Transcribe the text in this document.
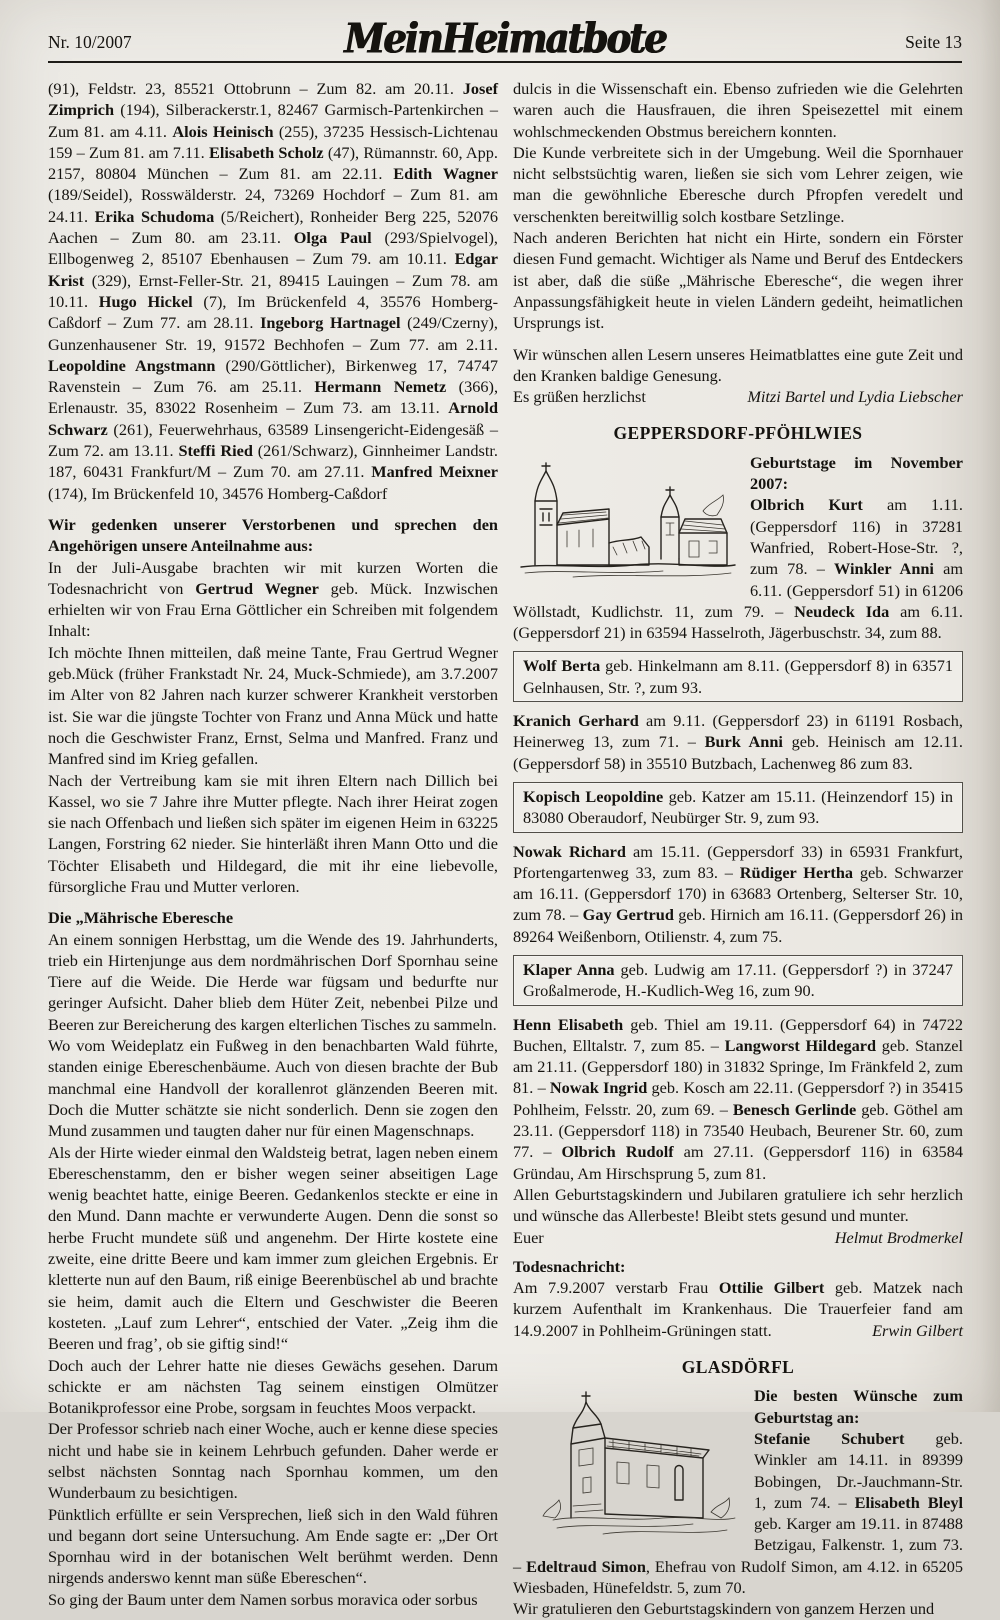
Nr. 10/2007	MeinHeimatbote	Seite 13

(91), Feldstr. 23, 85521 Ottobrunn – Zum 82. am 20.11. Josef Zimprich (194), Silberackerstr.1, 82467 Garmisch-Partenkirchen – Zum 81. am 4.11. Alois Heinisch (255), 37235 Hessisch-Lichtenau 159 – Zum 81. am 7.11. Elisabeth Scholz (47), Rümannstr. 60, App. 2157, 80804 München – Zum 81. am 22.11. Edith Wagner (189/Seidel), Rosswälderstr. 24, 73269 Hochdorf – Zum 81. am 24.11. Erika Schudoma (5/Reichert), Ronheider Berg 225, 52076 Aachen – Zum 80. am 23.11. Olga Paul (293/Spielvogel), Ellbogenweg 2, 85107 Ebenhausen – Zum 79. am 10.11. Edgar Krist (329), Ernst-Feller-Str. 21, 89415 Lauingen – Zum 78. am 10.11. Hugo Hickel (7), Im Brückenfeld 4, 35576 Homberg-Caßdorf – Zum 77. am 28.11. Ingeborg Hartnagel (249/Czerny), Gunzenhausener Str. 19, 91572 Bechhofen – Zum 77. am 2.11. Leopoldine Angstmann (290/Göttlicher), Birkenweg 17, 74747 Ravenstein – Zum 76. am 25.11. Hermann Nemetz (366), Erlenaustr. 35, 83022 Rosenheim – Zum 73. am 13.11. Arnold Schwarz (261), Feuerwehrhaus, 63589 Linsengericht-Eidengesäß – Zum 72. am 13.11. Steffi Ried (261/Schwarz), Ginnheimer Landstr. 187, 60431 Frankfurt/M – Zum 70. am 27.11. Manfred Meixner (174), Im Brückenfeld 10, 34576 Homberg-Caßdorf

Wir gedenken unserer Verstorbenen und sprechen den Angehörigen unsere Anteilnahme aus:

In der Juli-Ausgabe brachten wir mit kurzen Worten die Todesnachricht von Gertrud Wegner geb. Mück. Inzwischen erhielten wir von Frau Erna Göttlicher ein Schreiben mit folgendem Inhalt:

Ich möchte Ihnen mitteilen, daß meine Tante, Frau Gertrud Wegner geb.Mück (früher Frankstadt Nr. 24, Muck-Schmiede), am 3.7.2007 im Alter von 82 Jahren nach kurzer schwerer Krankheit verstorben ist. Sie war die jüngste Tochter von Franz und Anna Mück und hatte noch die Geschwister Franz, Ernst, Selma und Manfred. Franz und Manfred sind im Krieg gefallen.

Nach der Vertreibung kam sie mit ihren Eltern nach Dillich bei Kassel, wo sie 7 Jahre ihre Mutter pflegte. Nach ihrer Heirat zogen sie nach Offenbach und ließen sich später im eigenen Heim in 63225 Langen, Forstring 62 nieder. Sie hinterläßt ihren Mann Otto und die Töchter Elisabeth und Hildegard, die mit ihr eine liebevolle, fürsorgliche Frau und Mutter verloren.

Die „Mährische Eberesche

An einem sonnigen Herbsttag, um die Wende des 19. Jahrhunderts, trieb ein Hirtenjunge aus dem nordmährischen Dorf Spornhau seine Tiere auf die Weide. Die Herde war fügsam und bedurfte nur geringer Aufsicht. Daher blieb dem Hüter Zeit, nebenbei Pilze und Beeren zur Bereicherung des kargen elterlichen Tisches zu sammeln.

Wo vom Weideplatz ein Fußweg in den benachbarten Wald führte, standen einige Ebereschenbäume. Auch von diesen brachte der Bub manchmal eine Handvoll der korallenrot glänzenden Beeren mit. Doch die Mutter schätzte sie nicht sonderlich. Denn sie zogen den Mund zusammen und taugten daher nur für einen Magenschnaps.

Als der Hirte wieder einmal den Waldsteig betrat, lagen neben einem Ebereschenstamm, den er bisher wegen seiner abseitigen Lage wenig beachtet hatte, einige Beeren. Gedankenlos steckte er eine in den Mund. Dann machte er verwunderte Augen. Denn die sonst so herbe Frucht mundete süß und angenehm. Der Hirte kostete eine zweite, eine dritte Beere und kam immer zum gleichen Ergebnis. Er kletterte nun auf den Baum, riß einige Beerenbüschel ab und brachte sie heim, damit auch die Eltern und Geschwister die Beeren kosteten. „Lauf zum Lehrer“, entschied der Vater. „Zeig ihm die Beeren und frag’, ob sie giftig sind!“

Doch auch der Lehrer hatte nie dieses Gewächs gesehen. Darum schickte er am nächsten Tag seinem einstigen Olmützer Botanikprofessor eine Probe, sorgsam in feuchtes Moos verpackt.

Der Professor schrieb nach einer Woche, auch er kenne diese species nicht und habe sie in keinem Lehrbuch gefunden. Daher werde er selbst nächsten Sonntag nach Spornhau kommen, um den Wunderbaum zu besichtigen.

Pünktlich erfüllte er sein Versprechen, ließ sich in den Wald führen und begann dort seine Untersuchung. Am Ende sagte er: „Der Ort Spornhau wird in der botanischen Welt berühmt werden. Denn nirgends anderswo kennt man süße Ebereschen“.

So ging der Baum unter dem Namen sorbus moravica oder sorbus

dulcis in die Wissenschaft ein. Ebenso zufrieden wie die Gelehrten waren auch die Hausfrauen, die ihren Speisezettel mit einem wohlschmeckenden Obstmus bereichern konnten.

Die Kunde verbreitete sich in der Umgebung. Weil die Spornhauer nicht selbstsüchtig waren, ließen sie sich vom Lehrer zeigen, wie man die gewöhnliche Eberesche durch Pfropfen veredelt und verschenkten bereitwillig solch kostbare Setzlinge.

Nach anderen Berichten hat nicht ein Hirte, sondern ein Förster diesen Fund gemacht. Wichtiger als Name und Beruf des Entdeckers ist aber, daß die süße „Mährische Eberesche“, die wegen ihrer Anpassungsfähigkeit heute in vielen Ländern gedeiht, heimatlichen Ursprungs ist.

Wir wünschen allen Lesern unseres Heimatblattes eine gute Zeit und den Kranken baldige Genesung.

Es grüßen herzlichst	Mitzi Bartel und Lydia Liebscher

GEPPERSDORF-PFÖHLWIES

Geburtstage im November 2007:

Olbrich Kurt am 1.11. (Geppersdorf 116) in 37281 Wanfried, Robert-Hose-Str. ?, zum 78. – Winkler Anni am 6.11. (Geppersdorf 51) in 61206 Wöllstadt, Kudlichstr. 11, zum 79. – Neudeck Ida am 6.11. (Geppersdorf 21) in 63594 Hasselroth, Jägerbuschstr. 34, zum 88.

Wolf Berta geb. Hinkelmann am 8.11. (Geppersdorf 8) in 63571 Gelnhausen, Str. ?, zum 93.

Kranich Gerhard am 9.11. (Geppersdorf 23) in 61191 Rosbach, Heinerweg 13, zum 71. – Burk Anni geb. Heinisch am 12.11. (Geppersdorf 58) in 35510 Butzbach, Lachenweg 86 zum 83.

Kopisch Leopoldine geb. Katzer am 15.11. (Heinzendorf 15) in 83080 Oberaudorf, Neubürger Str. 9, zum 93.

Nowak Richard am 15.11. (Geppersdorf 33) in 65931 Frankfurt, Pfortengartenweg 33, zum 83. – Rüdiger Hertha geb. Schwarzer am 16.11. (Geppersdorf 170) in 63683 Ortenberg, Selterser Str. 10, zum 78. – Gay Gertrud geb. Hirnich am 16.11. (Geppersdorf 26) in 89264 Weißenborn, Otilienstr. 4, zum 75.

Klaper Anna geb. Ludwig am 17.11. (Geppersdorf ?) in 37247 Großalmerode, H.-Kudlich-Weg 16, zum 90.

Henn Elisabeth geb. Thiel am 19.11. (Geppersdorf 64) in 74722 Buchen, Elltalstr. 7, zum 85. – Langworst Hildegard geb. Stanzel am 21.11. (Geppersdorf 180) in 31832 Springe, Im Fränkfeld 2, zum 81. – Nowak Ingrid geb. Kosch am 22.11. (Geppersdorf ?) in 35415 Pohlheim, Felsstr. 20, zum 69. – Benesch Gerlinde geb. Göthel am 23.11. (Geppersdorf 118) in 73540 Heubach, Beurener Str. 60, zum 77. – Olbrich Rudolf am 27.11. (Geppersdorf 116) in 63584 Gründau, Am Hirschsprung 5, zum 81.

Allen Geburtstagskindern und Jubilaren gratuliere ich sehr herzlich und wünsche das Allerbeste! Bleibt stets gesund und munter.

Euer	Helmut Brodmerkel

Todesnachricht:

Am 7.9.2007 verstarb Frau Ottilie Gilbert geb. Matzek nach kurzem Aufenthalt im Krankenhaus. Die Trauerfeier fand am 14.9.2007 in Pohlheim-Grüningen statt.	Erwin Gilbert

GLASDÖRFL

Die besten Wünsche zum Geburtstag an:

Stefanie Schubert geb. Winkler am 14.11. in 89399 Bobingen, Dr.-Jauchmann-Str. 1, zum 74. – Elisabeth Bleyl geb. Karger am 19.11. in 87488 Betzigau, Falkenstr. 1, zum 73. – Edeltraud Simon, Ehefrau von Rudolf Simon, am 4.12. in 65205 Wiesbaden, Hünefeldstr. 5, zum 70.

Wir gratulieren den Geburtstagskindern von ganzem Herzen und
